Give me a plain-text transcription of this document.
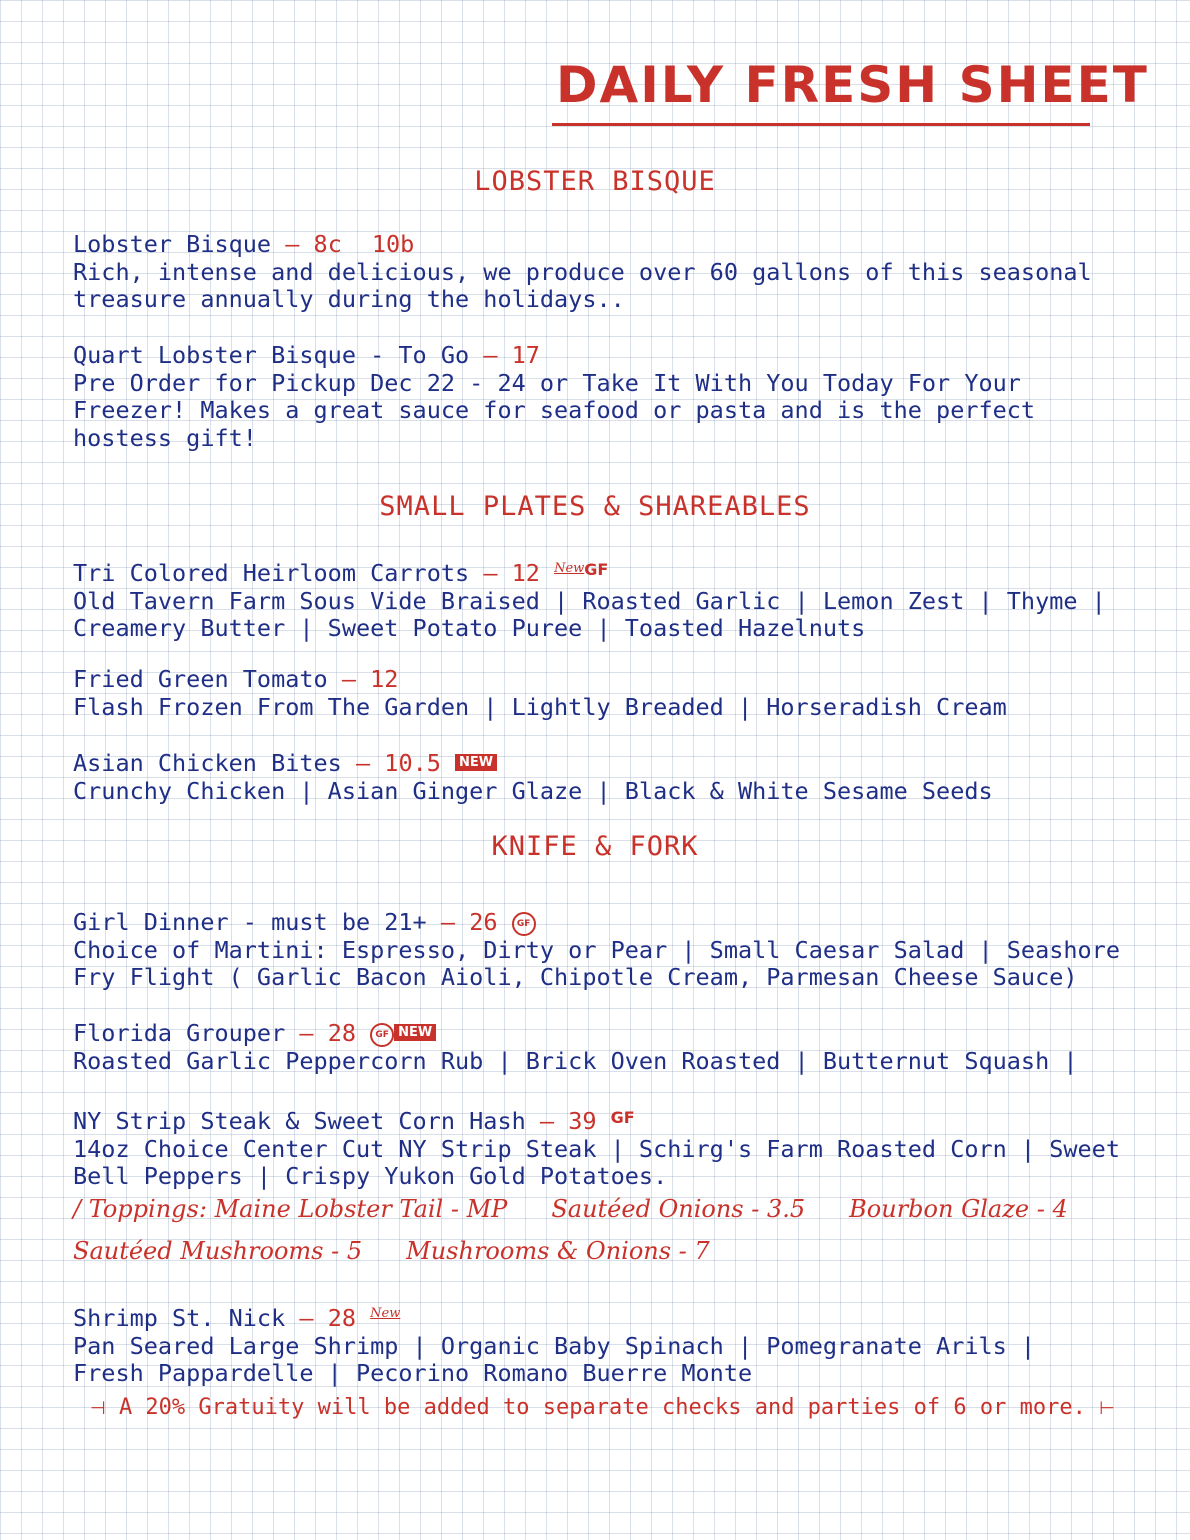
DAILY FRESH SHEET
LOBSTER BISQUE
Lobster Bisque — 8c 10b
Rich, intense and delicious, we produce over 60 gallons of this seasonal
treasure annually during the holidays..
Quart Lobster Bisque - To Go — 17
Pre Order for Pickup Dec 22 - 24 or Take It With You Today For Your
Freezer! Makes a great sauce for seafood or pasta and is the perfect
hostess gift!
SMALL PLATES & SHAREABLES
Tri Colored Heirloom Carrots — 12 $^{NewGF}$
Old Tavern Farm Sous Vide Braised | Roasted Garlic | Lemon Zest | Thyme |
Creamery Butter | Sweet Potato Puree | Toasted Hazelnuts
Fried Green Tomato — 12
Flash Frozen From The Garden | Lightly Breaded | Horseradish Cream
Asian Chicken Bites — 10.5 NEW
Crunchy Chicken | Asian Ginger Glaze | Black & White Sesame Seeds
KNIFE & FORK
Girl Dinner - must be 21+ — 26 GF
Choice of Martini: Espresso, Dirty or Pear | Small Caesar Salad | Seashore
Fry Flight ( Garlic Bacon Aioli, Chipotle Cream, Parmesan Cheese Sauce)
Florida Grouper — 28 GF NEW
Roasted Garlic Peppercorn Rub | Brick Oven Roasted | Butternut Squash |
NY Strip Steak & Sweet Corn Hash — 39 $^{GF}$
14oz Choice Center Cut NY Strip Steak | Schirg's Farm Roasted Corn | Sweet
Bell Peppers | Crispy Yukon Gold Potatoes.
/ Toppings: Maine Lobster Tail - MP Sautéed Onions - 3.5 Bourbon Glaze - 4
Sautéed Mushrooms - 5 Mushrooms & Onions - 7
Shrimp St. Nick — 28 $^{New}$
Pan Seared Large Shrimp | Organic Baby Spinach | Pomegranate Arils |
Fresh Pappardelle | Pecorino Romano Buerre Monte
⊣ A 20% Gratuity will be added to separate checks and parties of 6 or more. ⊢
